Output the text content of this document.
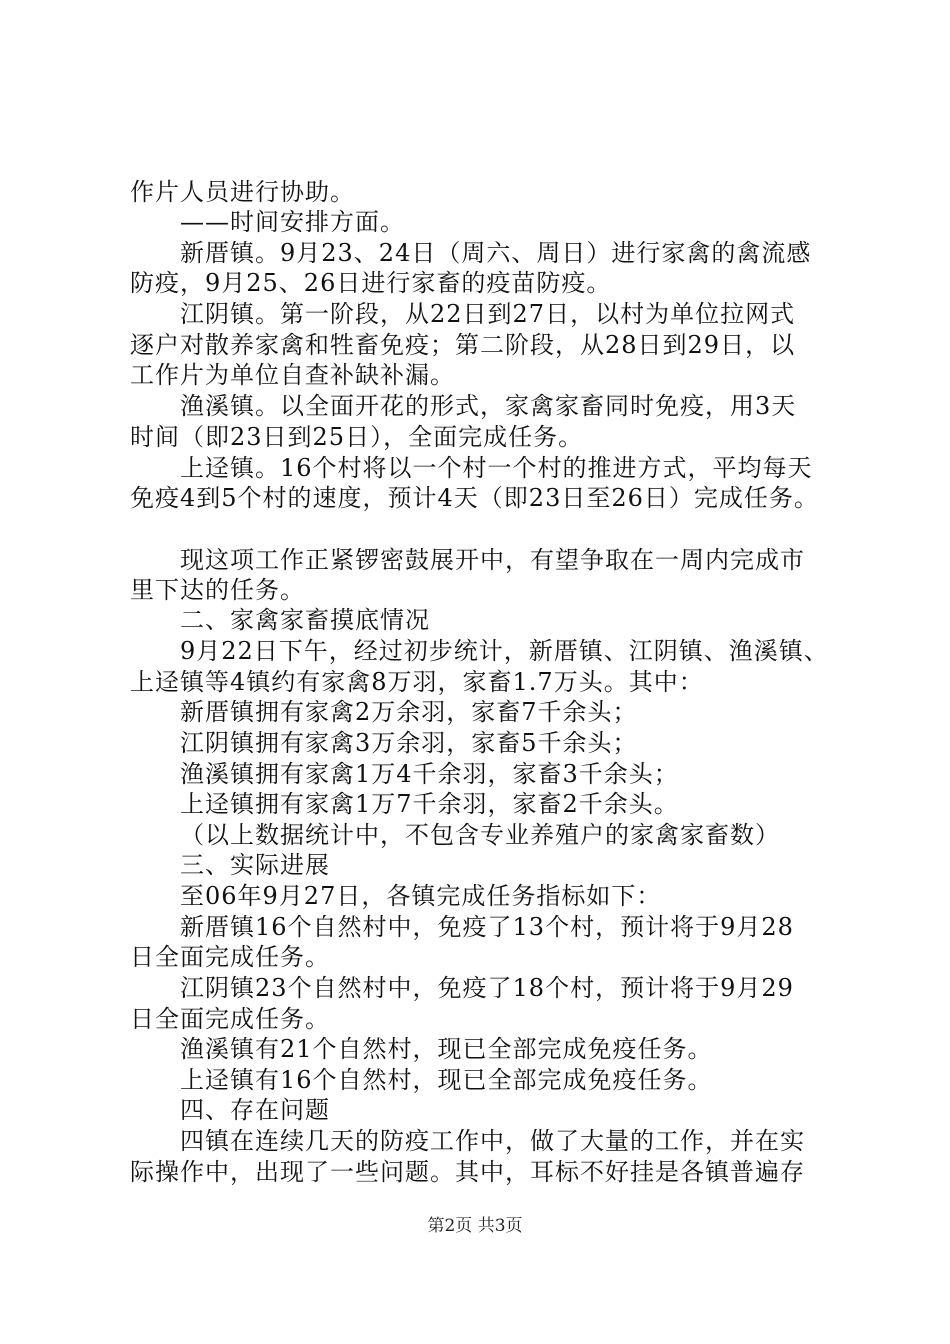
作片人员进行协助。
——时间安排方面。
新厝镇。9月23、24日（周六、周日）进行家禽的禽流感
防疫，9月25、26日进行家畜的疫苗防疫。
江阴镇。第一阶段，从22日到27日，以村为单位拉网式
逐户对散养家禽和牲畜免疫；第二阶段，从28日到29日，以
工作片为单位自查补缺补漏。
渔溪镇。以全面开花的形式，家禽家畜同时免疫，用3天
时间（即23日到25日），全面完成任务。
上迳镇。16个村将以一个村一个村的推进方式，平均每天
免疫4到5个村的速度，预计4天（即23日至26日）完成任务。
现这项工作正紧锣密鼓展开中，有望争取在一周内完成市
里下达的任务。
二、家禽家畜摸底情况
9月22日下午，经过初步统计，新厝镇、江阴镇、渔溪镇、
上迳镇等4镇约有家禽8万羽，家畜1.7万头。其中：
新厝镇拥有家禽2万余羽，家畜7千余头；
江阴镇拥有家禽3万余羽，家畜5千余头；
渔溪镇拥有家禽1万4千余羽，家畜3千余头；
上迳镇拥有家禽1万7千余羽，家畜2千余头。
（以上数据统计中，不包含专业养殖户的家禽家畜数）
三、实际进展
至06年9月27日，各镇完成任务指标如下：
新厝镇16个自然村中，免疫了13个村，预计将于9月28
日全面完成任务。
江阴镇23个自然村中，免疫了18个村，预计将于9月29
日全面完成任务。
渔溪镇有21个自然村，现已全部完成免疫任务。
上迳镇有16个自然村，现已全部完成免疫任务。
四、存在问题
四镇在连续几天的防疫工作中，做了大量的工作，并在实
际操作中，出现了一些问题。其中，耳标不好挂是各镇普遍存
第2页 共3页
